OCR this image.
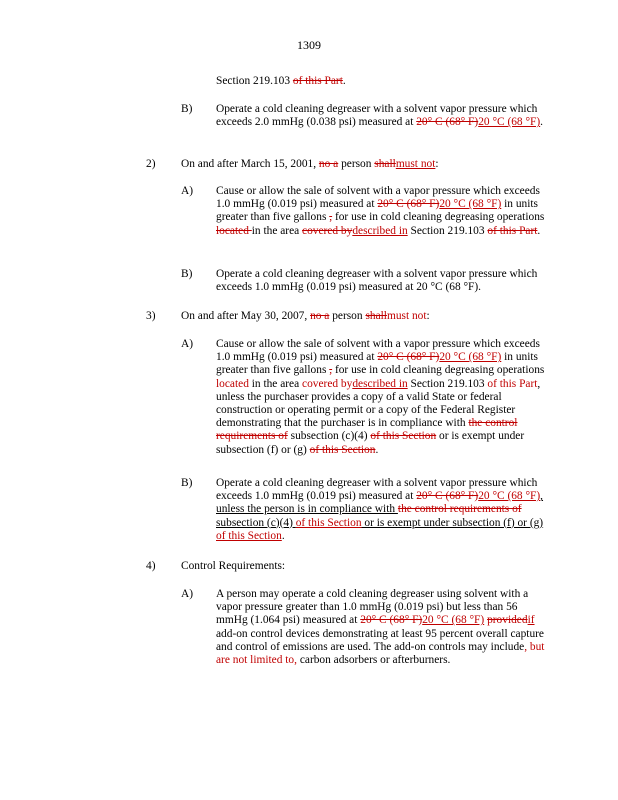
1309
Section 219.103 of this Part.
B) Operate a cold cleaning degreaser with a solvent vapor pressure which exceeds 2.0 mmHg (0.038 psi) measured at 20° C (68° F)20 °C (68 °F).
2) On and after March 15, 2001, no a person shallmust not:
A) Cause or allow the sale of solvent with a vapor pressure which exceeds 1.0 mmHg (0.019 psi) measured at 20° C (68° F)20 °C (68 °F) in units greater than five gallons , for use in cold cleaning degreasing operations located in the area covered bydescribed in Section 219.103 of this Part.
B) Operate a cold cleaning degreaser with a solvent vapor pressure which exceeds 1.0 mmHg (0.019 psi) measured at 20 °C (68 °F).
3) On and after May 30, 2007, no a person shallmust not:
A) Cause or allow the sale of solvent with a vapor pressure which exceeds 1.0 mmHg (0.019 psi) measured at 20° C (68° F)20 °C (68 °F) in units greater than five gallons , for use in cold cleaning degreasing operations located in the area covered bydescribed in Section 219.103 of this Part, unless the purchaser provides a copy of a valid State or federal construction or operating permit or a copy of the Federal Register demonstrating that the purchaser is in compliance with the control requirements of subsection (c)(4) of this Section or is exempt under subsection (f) or (g) of this Section.
B) Operate a cold cleaning degreaser with a solvent vapor pressure which exceeds 1.0 mmHg (0.019 psi) measured at 20° C (68° F)20 °C (68 °F), unless the person is in compliance with the control requirements of subsection (c)(4) of this Section or is exempt under subsection (f) or (g) of this Section.
4) Control Requirements:
A) A person may operate a cold cleaning degreaser using solvent with a vapor pressure greater than 1.0 mmHg (0.019 psi) but less than 56 mmHg (1.064 psi) measured at 20° C (68° F)20 °C (68 °F) providedif add-on control devices demonstrating at least 95 percent overall capture and control of emissions are used. The add-on controls may include, but are not limited to, carbon adsorbers or afterburners.
